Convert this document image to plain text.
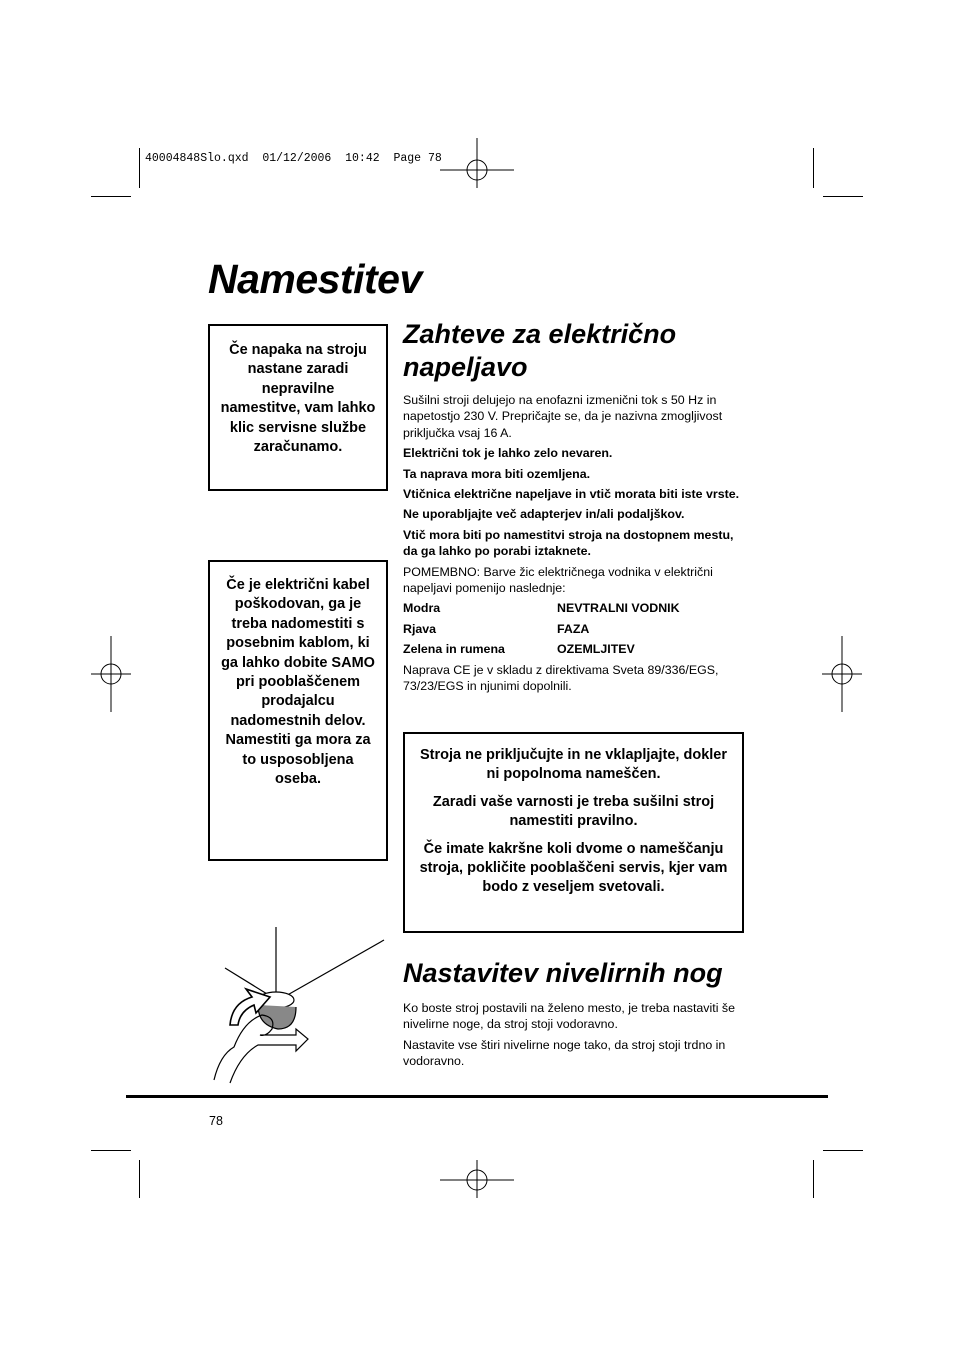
40004848Slo.qxd  01/12/2006  10:42  Page 78
Namestitev

Če napaka na stroju nastane zaradi nepravilne namestitve, vam lahko klic servisne službe zaračunamo.

Če je električni kabel poškodovan, ga je treba nadomestiti s posebnim kablom, ki ga lahko dobite SAMO pri pooblaščenem prodajalcu nadomestnih delov. Namestiti ga mora za to usposobljena oseba.

Zahteve za električno napeljavo

Sušilni stroji delujejo na enofazni izmenični tok s 50 Hz in napetostjo 230 V. Prepričajte se, da je nazivna zmogljivost priključka vsaj 16 A.

Električni tok je lahko zelo nevaren.

Ta naprava mora biti ozemljena.

Vtičnica električne napeljave in vtič morata biti iste vrste.

Ne uporabljajte več adapterjev in/ali podaljškov.

Vtič mora biti po namestitvi stroja na dostopnem mestu, da ga lahko po porabi iztaknete.

POMEMBNO: Barve žic električnega vodnika v električni napeljavi pomenijo naslednje:

Modra	NEVTRALNI VODNIK
Rjava	FAZA
Zelena in rumena	OZEMLJITEV

Naprava CE je v skladu z direktivama Sveta 89/336/EGS, 73/23/EGS in njunimi dopolnili.

Stroja ne priključujte in ne vklapljajte, dokler ni popolnoma nameščen.

Zaradi vaše varnosti je treba sušilni stroj namestiti pravilno.

Če imate kakršne koli dvome o nameščanju stroja, pokličite pooblaščeni servis, kjer vam bodo z veseljem svetovali.

Nastavitev nivelirnih nog

Ko boste stroj postavili na želeno mesto, je treba nastaviti še nivelirne noge, da stroj stoji vodoravno.

Nastavite vse štiri nivelirne noge tako, da stroj stoji trdno in vodoravno.

78
